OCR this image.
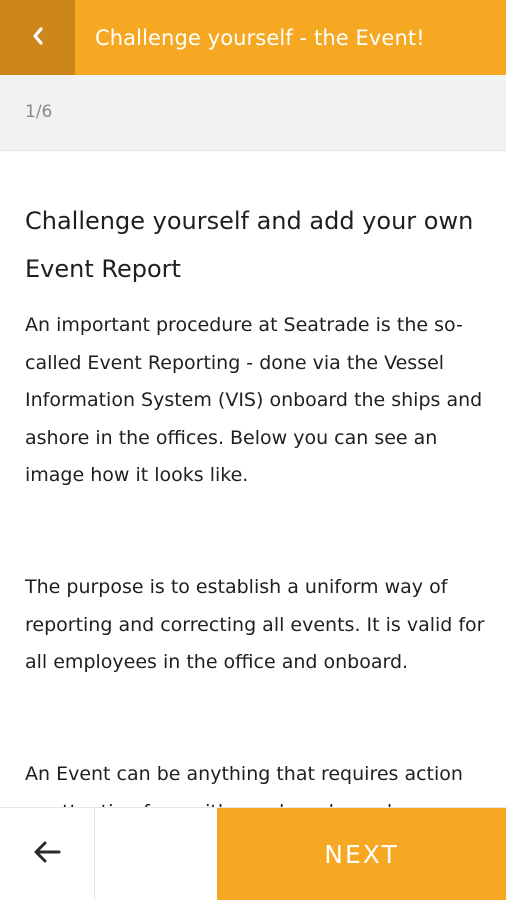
Challenge yourself - the Event!
1/6
Challenge yourself and add your own Event Report

An important procedure at Seatrade is the so-called Event Reporting - done via the Vessel Information System (VIS) onboard the ships and ashore in the offices. Below you can see an image how it looks like.

The purpose is to establish a uniform way of reporting and correcting all events. It is valid for all employees in the office and onboard.

An Event can be anything that requires action

NEXT
